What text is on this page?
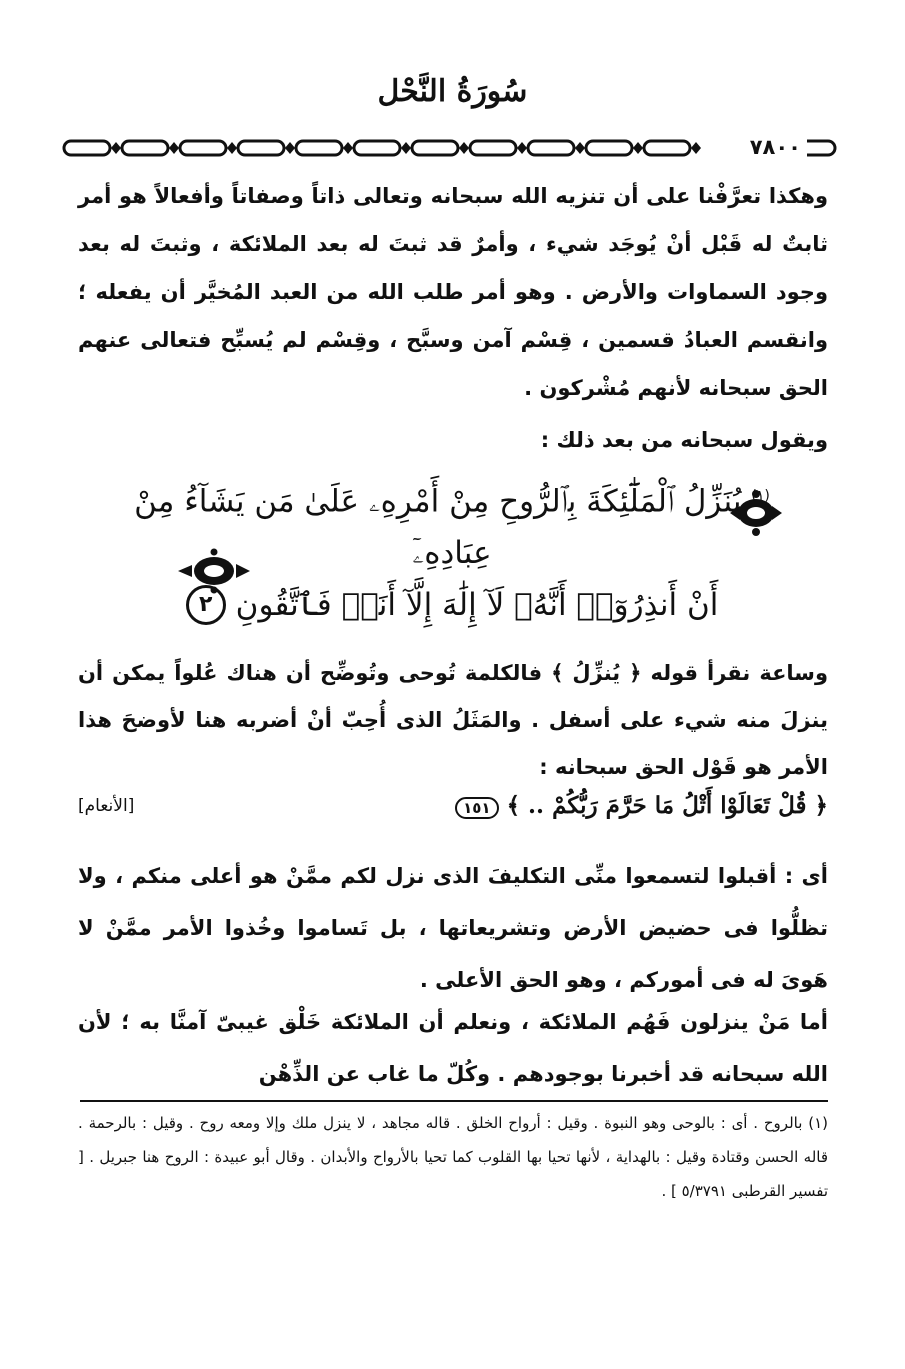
سُورَةُ النَّحْل
٧٨٠٠
وهكذا تعرَّفْنا على أن تنزيه الله سبحانه وتعالى ذاتاً وصفاتاً وأفعالاً هو أمر ثابتٌ له قَبْل أنْ يُوجَد شيء ، وأمرٌ قد ثبتَ له بعد الملائكة ، وثبتَ له بعد وجود السماوات والأرض . وهو أمر طلب الله من العبد المُخيَّر أن يفعله ؛ وانقسم العبادُ قسمين ، قِسْم آمن وسبَّح ، وقِسْم لم يُسبِّح فتعالى عنهم الحق سبحانه لأنهم مُشْركون .
ويقول سبحانه من بعد ذلك :
$^{(١)}$ يُنَزِّلُ ٱلْمَلَٰٓئِكَةَ بِٱلرُّوحِ مِنْ أَمْرِهِۦ عَلَىٰ مَن يَشَآءُ مِنْ عِبَادِهِۦٓ
أَنْ أَنذِرُوٓا۟ أَنَّهُۥ لَآ إِلَٰهَ إِلَّآ أَنَا۠ فَٱتَّقُونِ
٢
وساعة نقرأ قوله ﴿ يُنزِّلُ ﴾ فالكلمة تُوحى وتُوضِّح أن هناك عُلواً يمكن أن ينزلَ منه شيء على أسفل . والمَثَلُ الذى أُحِبّ أنْ أضربه هنا لأوضحَ هذا الأمر هو قَوْل الحق سبحانه :
﴿ قُلْ تَعَالَوْا أَتْلُ مَا حَرَّمَ رَبُّكُمْ .. ﴾ ١٥١
[الأنعام]
أى : أقبلوا لتسمعوا منِّى التكليفَ الذى نزل لكم ممَّنْ هو أعلى منكم ، ولا تظلُّوا فى حضيض الأرض وتشريعاتها ، بل تَساموا وخُذوا الأمر ممَّنْ لا هَوىَ له فى أموركم ، وهو الحق الأعلى .
أما مَنْ ينزلون فَهُم الملائكة ، ونعلم أن الملائكة خَلْق غيبىّ آمنَّا به ؛ لأن الله سبحانه قد أخبرنا بوجودهم . وكُلّ ما غاب عن الذِّهْن
(١) بالروح . أى : بالوحى وهو النبوة . وقيل : أرواح الخلق . قاله مجاهد ، لا ينزل ملك وإلا ومعه روح . وقيل : بالرحمة . قاله الحسن وقتادة وقيل : بالهداية ، لأنها تحيا بها القلوب كما تحيا بالأرواح والأبدان . وقال أبو عبيدة : الروح هنا جبريل . [ تفسير القرطبى ٥/٣٧٩١ ] .
